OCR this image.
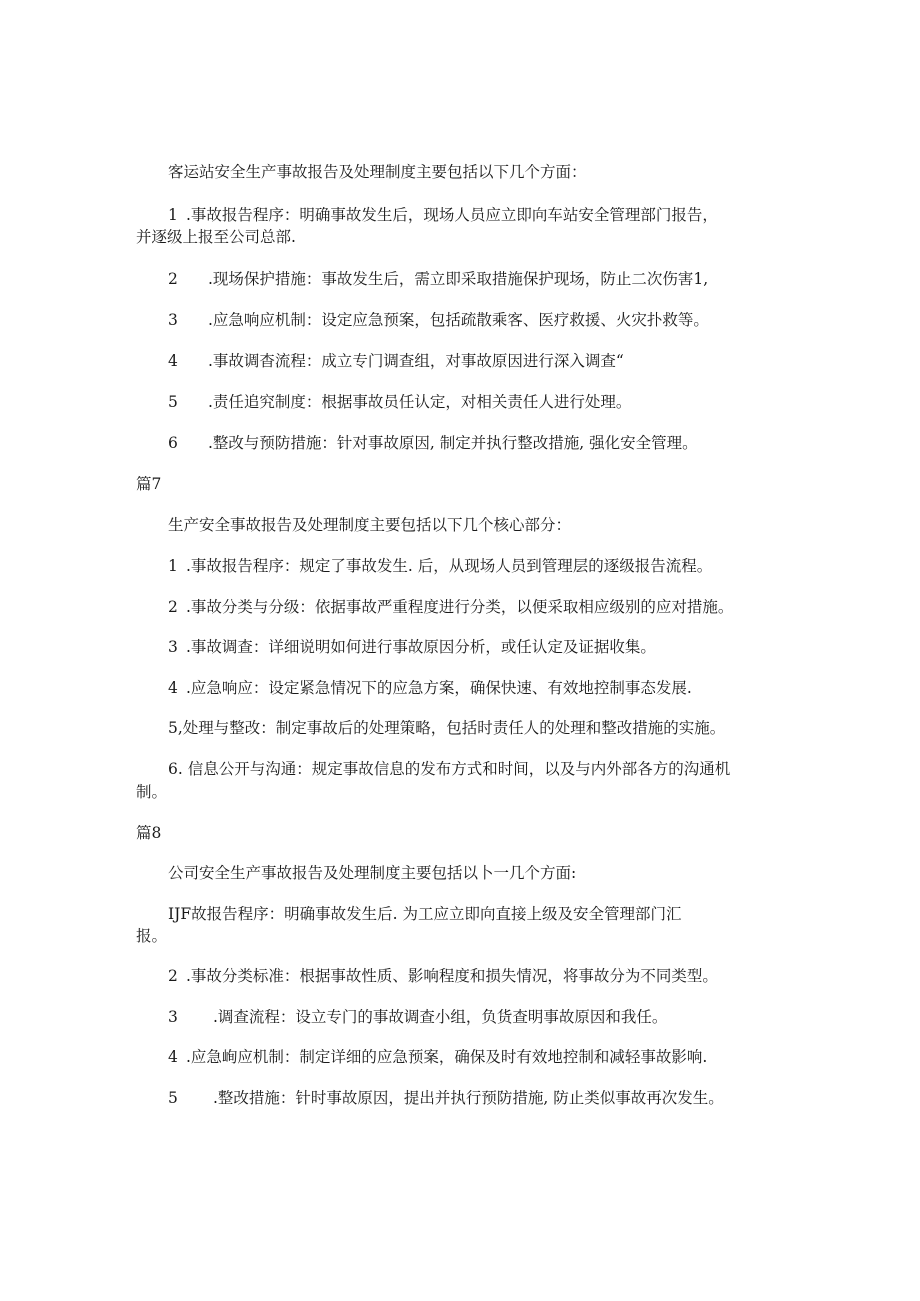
客运站安全生产事故报告及处理制度主要包括以下几个方面：

1 .事故报告程序：明确事故发生后，现场人员应立即向车站安全管理部门报告，

并逐级上报至公司总部.

2 .现场保护措施：事故发生后，需立即采取措施保护现场，防止二次伤害1,

3 .应急响应机制：设定应急预案，包括疏散乘客、医疗救援、火灾扑救等。

4 .事故调杳流程：成立专门调查组，对事故原因进行深入调查“

5 .责任追究制度：根据事故员任认定，对相关责任人进行处理。

6 .整改与预防措施：针对事故原因, 制定并执行整改措施, 强化安全管理。

篇7

生产安全事故报告及处理制度主要包括以下几个核心部分：

1 .事故报告程序：规定了事故发生. 后，从现场人员到管理层的逐级报告流程。

2 .事故分类与分级：依据事故严重程度进行分类，以便采取相应级别的应对措施。

3 .事故调查：详细说明如何进行事故原因分析，或任认定及证据收集。

4 .应急响应：设定紧急情况下的应急方案，确保快速、有效地控制事态发展.

5,处理与整改：制定事故后的处理策略，包括时责任人的处理和整改措施的实施。

6. 信息公开与沟通：规定事故信息的发布方式和时间，以及与内外部各方的沟通机

制。

篇8

公司安全生产事故报告及处理制度主要包括以卜一几个方面:

IJF故报告程序：明确事故发生后. 为工应立即向直接上级及安全管理部门汇

报。

2 .事故分类标准：根据事故性质、影响程度和损失情况，将事故分为不同类型。

3 .调查流程：设立专门的事故调查小组，负货查明事故原因和我任。

4 .应急峋应机制：制定详细的应急预案，确保及时有效地控制和减轻事故影响.

5 .整改措施：针时事故原因，提出并执行预防措施, 防止类似事故再次发生。
